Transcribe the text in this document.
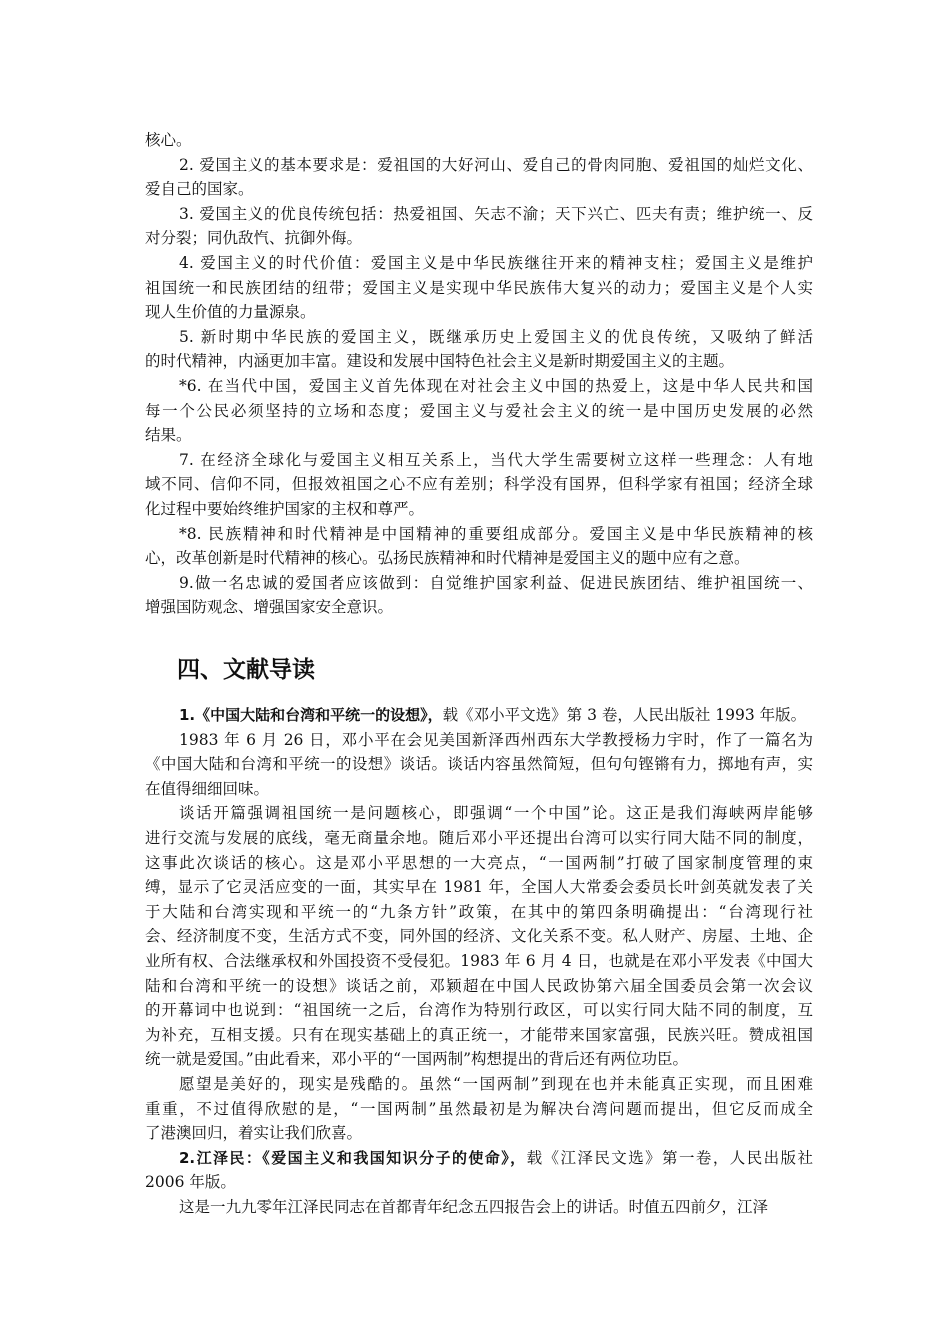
核心。
2. 爱国主义的基本要求是：爱祖国的大好河山、爱自己的骨肉同胞、爱祖国的灿烂文化、
爱自己的国家。
3. 爱国主义的优良传统包括：热爱祖国、矢志不渝；天下兴亡、匹夫有责；维护统一、反
对分裂；同仇敌忾、抗御外侮。
4. 爱国主义的时代价值：爱国主义是中华民族继往开来的精神支柱；爱国主义是维护
祖国统一和民族团结的纽带；爱国主义是实现中华民族伟大复兴的动力；爱国主义是个人实
现人生价值的力量源泉。
5. 新时期中华民族的爱国主义，既继承历史上爱国主义的优良传统，又吸纳了鲜活
的时代精神，内涵更加丰富。建设和发展中国特色社会主义是新时期爱国主义的主题。
*6. 在当代中国，爱国主义首先体现在对社会主义中国的热爱上，这是中华人民共和国
每一个公民必须坚持的立场和态度；爱国主义与爱社会主义的统一是中国历史发展的必然
结果。
7. 在经济全球化与爱国主义相互关系上，当代大学生需要树立这样一些理念：人有地
域不同、信仰不同，但报效祖国之心不应有差别；科学没有国界，但科学家有祖国；经济全球
化过程中要始终维护国家的主权和尊严。
*8. 民族精神和时代精神是中国精神的重要组成部分。爱国主义是中华民族精神的核
心，改革创新是时代精神的核心。弘扬民族精神和时代精神是爱国主义的题中应有之意。
9.做一名忠诚的爱国者应该做到：自觉维护国家利益、促进民族团结、维护祖国统一、
增强国防观念、增强国家安全意识。
四、文献导读
1.《中国大陆和台湾和平统一的设想》，载《邓小平文选》第 3 卷，人民出版社 1993 年版。
1983 年 6 月 26 日，邓小平在会见美国新泽西州西东大学教授杨力宇时，作了一篇名为
《中国大陆和台湾和平统一的设想》谈话。谈话内容虽然简短，但句句铿锵有力，掷地有声，实
在值得细细回味。
谈话开篇强调祖国统一是问题核心，即强调“一个中国”论。这正是我们海峡两岸能够
进行交流与发展的底线，毫无商量余地。随后邓小平还提出台湾可以实行同大陆不同的制度，
这事此次谈话的核心。这是邓小平思想的一大亮点，“一国两制”打破了国家制度管理的束
缚，显示了它灵活应变的一面，其实早在 1981 年，全国人大常委会委员长叶剑英就发表了关
于大陆和台湾实现和平统一的“九条方针”政策，在其中的第四条明确提出：“台湾现行社
会、经济制度不变，生活方式不变，同外国的经济、文化关系不变。私人财产、房屋、土地、企
业所有权、合法继承权和外国投资不受侵犯。1983 年 6 月 4 日，也就是在邓小平发表《中国大
陆和台湾和平统一的设想》谈话之前，邓颖超在中国人民政协第六届全国委员会第一次会议
的开幕词中也说到：“祖国统一之后，台湾作为特别行政区，可以实行同大陆不同的制度，互
为补充，互相支援。只有在现实基础上的真正统一，才能带来国家富强，民族兴旺。赞成祖国
统一就是爱国。”由此看来，邓小平的“一国两制”构想提出的背后还有两位功臣。
愿望是美好的，现实是残酷的。虽然“一国两制”到现在也并未能真正实现，而且困难
重重，不过值得欣慰的是，“一国两制”虽然最初是为解决台湾问题而提出，但它反而成全
了港澳回归，着实让我们欣喜。
2.江泽民：《爱国主义和我国知识分子的使命》，载《江泽民文选》第一卷，人民出版社
2006 年版。
这是一九九零年江泽民同志在首都青年纪念五四报告会上的讲话。时值五四前夕，江泽
